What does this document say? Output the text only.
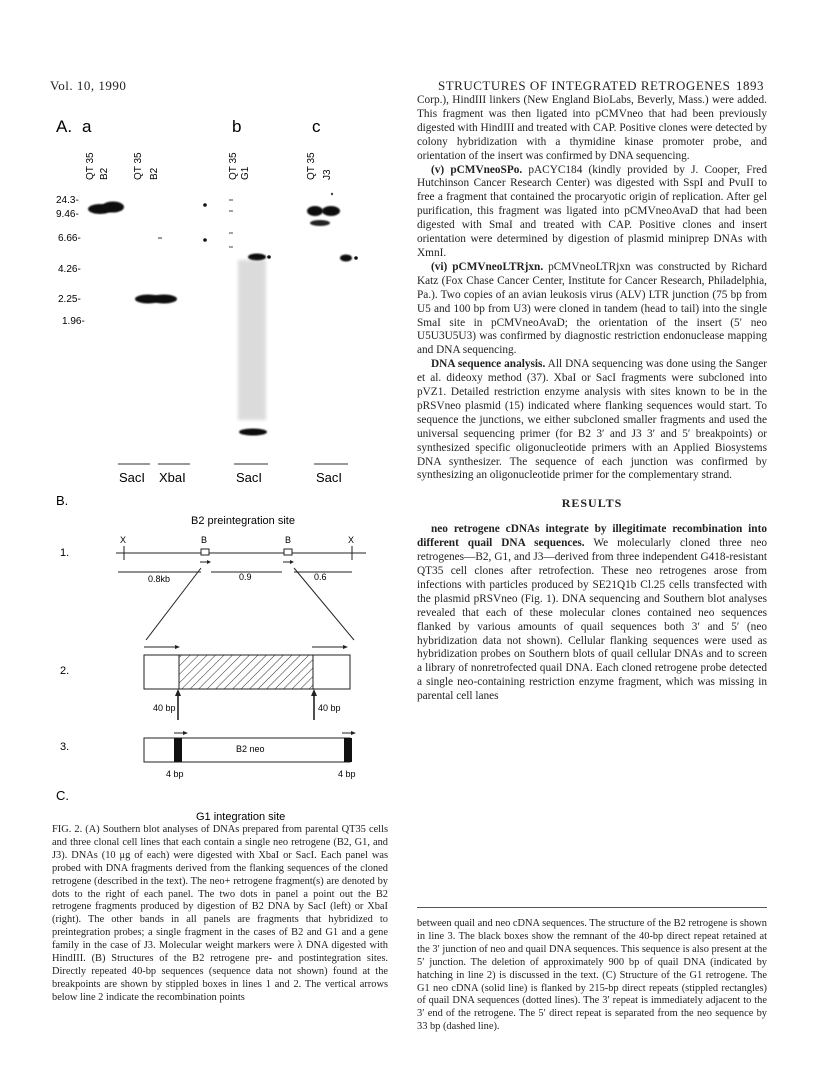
Vol. 10, 1990	STRUCTURES OF INTEGRATED RETROGENES 1893
A. a	b	c
QT 35 B2 QT 35 B2	QT 35 G1	QT 35 J3
24.3-
9.46-
6.66-
4.26-
2.25-
1.96-
SacI XbaI	SacI	SacI
B.
B2 preintegration site
1.
X	B	B	X
0.8kb	0.9	0.6
2.
40 bp	40 bp
3.	B2 neo
4 bp	4 bp
C.
G1 integration site
FIG. 2. (A) Southern blot analyses of DNAs prepared from parental QT35 cells and three clonal cell lines that each contain a single neo retrogene (B2, G1, and J3). DNAs (10 μg of each) were digested with XbaI or SacI. Each panel was probed with DNA fragments derived from the flanking sequences of the cloned retrogene (described in the text). The neo+ retrogene fragment(s) are denoted by dots to the right of each panel. The two dots in panel a point out the B2 retrogene fragments produced by digestion of B2 DNA by SacI (left) or XbaI (right). The other bands in all panels are fragments that hybridized to preintegration probes; a single fragment in the cases of B2 and G1 and a gene family in the case of J3. Molecular weight markers were λ DNA digested with HindIII. (B) Structures of the B2 retrogene pre- and postintegration sites. Directly repeated 40-bp sequences (sequence data not shown) found at the breakpoints are shown by stippled boxes in lines 1 and 2. The vertical arrows below line 2 indicate the recombination points

Corp.), HindIII linkers (New England BioLabs, Beverly, Mass.) were added. This fragment was then ligated into pCMVneo that had been previously digested with HindIII and treated with CAP. Positive clones were detected by colony hybridization with a thymidine kinase promoter probe, and orientation of the insert was confirmed by DNA sequencing.

(v) pCMVneoSPo. pACYC184 (kindly provided by J. Cooper, Fred Hutchinson Cancer Research Center) was digested with SspI and PvuII to free a fragment that contained the procaryotic origin of replication. After gel purification, this fragment was ligated into pCMVneoAvaD that had been digested with SmaI and treated with CAP. Positive clones and insert orientation were determined by digestion of plasmid miniprep DNAs with XmnI.

(vi) pCMVneoLTRjxn. pCMVneoLTRjxn was constructed by Richard Katz (Fox Chase Cancer Center, Institute for Cancer Research, Philadelphia, Pa.). Two copies of an avian leukosis virus (ALV) LTR junction (75 bp from U5 and 100 bp from U3) were cloned in tandem (head to tail) into the single SmaI site in pCMVneoAvaD; the orientation of the insert (5′ neo U5U3U5U3) was confirmed by diagnostic restriction endonuclease mapping and DNA sequencing.

DNA sequence analysis. All DNA sequencing was done using the Sanger et al. dideoxy method (37). XbaI or SacI fragments were subcloned into pVZ1. Detailed restriction enzyme analysis with sites known to be in the pRSVneo plasmid (15) indicated where flanking sequences would start. To sequence the junctions, we either subcloned smaller fragments and used the universal sequencing primer (for B2 3′ and J3 3′ and 5′ breakpoints) or synthesized specific oligonucleotide primers with an Applied Biosystems DNA synthesizer. The sequence of each junction was confirmed by synthesizing an oligonucleotide primer for the complementary strand.

RESULTS

neo retrogene cDNAs integrate by illegitimate recombination into different quail DNA sequences. We molecularly cloned three neo retrogenes—B2, G1, and J3—derived from three independent G418-resistant QT35 cell clones after retrofection. These neo retrogenes arose from infections with particles produced by SE21Q1b Cl.25 cells transfected with the plasmid pRSVneo (Fig. 1). DNA sequencing and Southern blot analyses revealed that each of these molecular clones contained neo sequences flanked by various amounts of quail sequences both 3′ and 5′ (neo hybridization data not shown). Cellular flanking sequences were used as hybridization probes on Southern blots of quail cellular DNAs and to screen a library of nonretrofected quail DNA. Each cloned retrogene probe detected a single neo-containing restriction enzyme fragment, which was missing in parental cell lanes

between quail and neo cDNA sequences. The structure of the B2 retrogene is shown in line 3. The black boxes show the remnant of the 40-bp direct repeat retained at the 3′ junction of neo and quail DNA sequences. This sequence is also present at the 5′ junction. The deletion of approximately 900 bp of quail DNA (indicated by hatching in line 2) is discussed in the text. (C) Structure of the G1 retrogene. The G1 neo cDNA (solid line) is flanked by 215-bp direct repeats (stippled rectangles) of quail DNA sequences (dotted lines). The 3′ repeat is immediately adjacent to the 3′ end of the retrogene. The 5′ direct repeat is separated from the neo sequence by 33 bp (dashed line).
